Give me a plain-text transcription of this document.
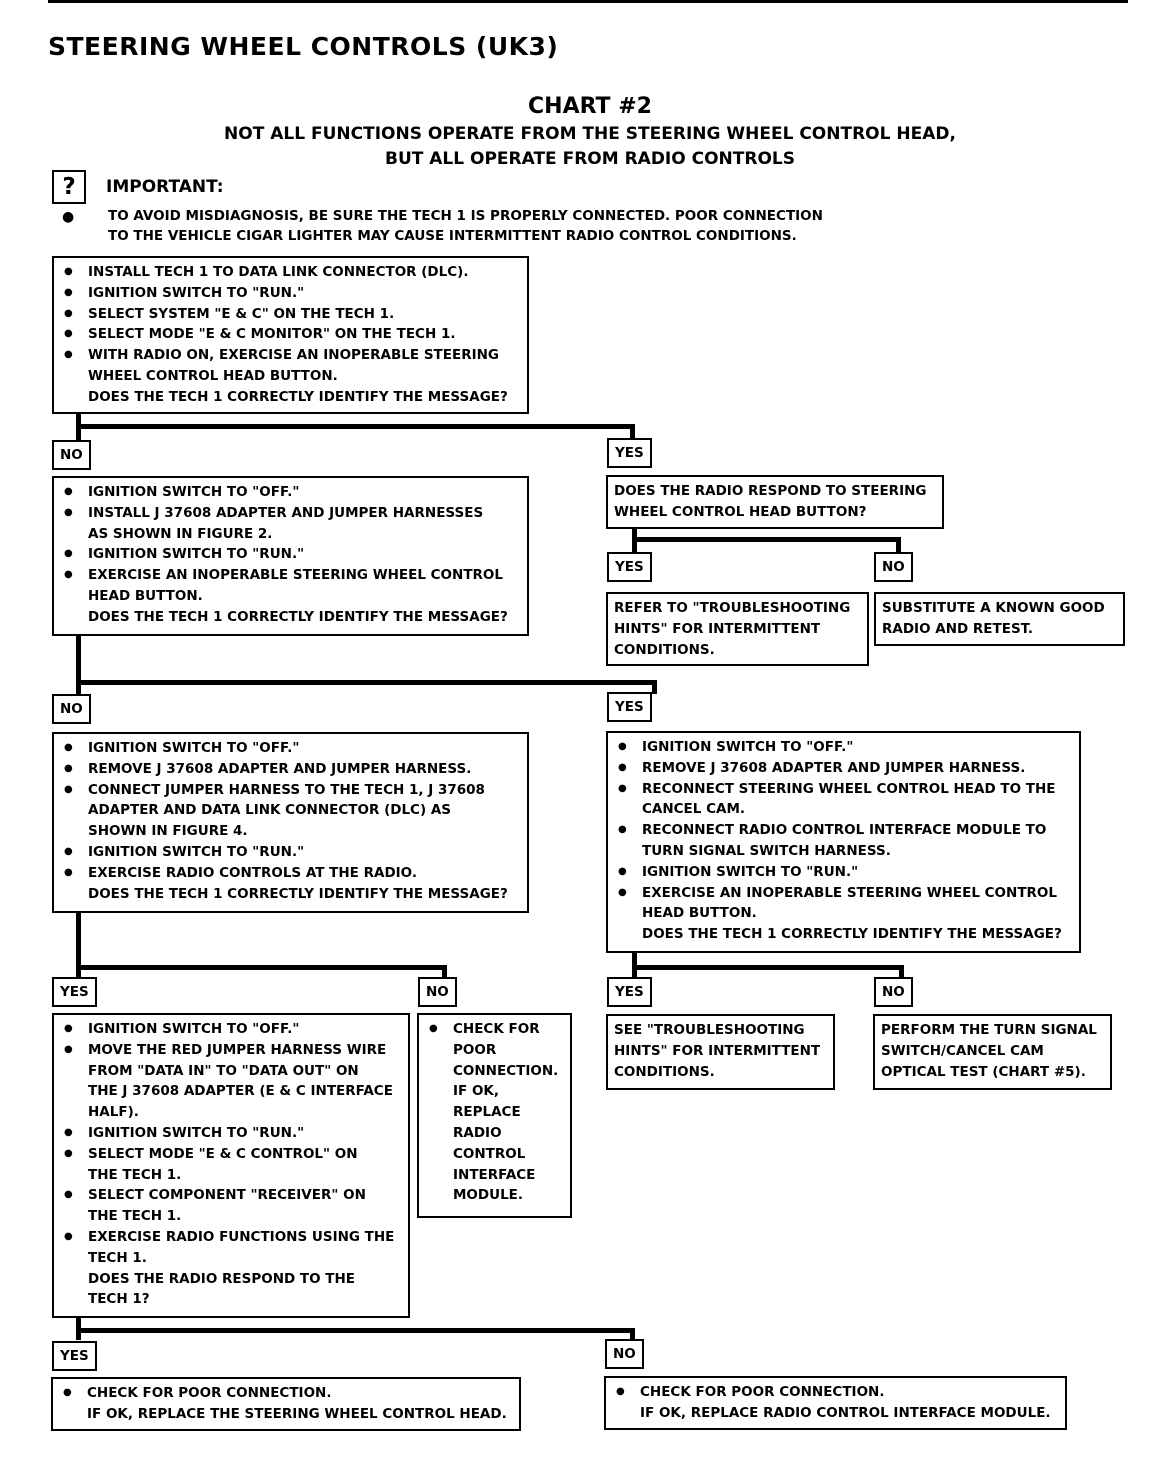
STEERING WHEEL CONTROLS (UK3)
CHART #2
NOT ALL FUNCTIONS OPERATE FROM THE STEERING WHEEL CONTROL HEAD,
BUT ALL OPERATE FROM RADIO CONTROLS
?	IMPORTANT:
●	TO AVOID MISDIAGNOSIS, BE SURE THE TECH 1 IS PROPERLY CONNECTED. POOR CONNECTION
TO THE VEHICLE CIGAR LIGHTER MAY CAUSE INTERMITTENT RADIO CONTROL CONDITIONS.
● INSTALL TECH 1 TO DATA LINK CONNECTOR (DLC).
● IGNITION SWITCH TO "RUN."
● SELECT SYSTEM "E & C" ON THE TECH 1.
● SELECT MODE "E & C MONITOR" ON THE TECH 1.
● WITH RADIO ON, EXERCISE AN INOPERABLE STEERING
WHEEL CONTROL HEAD BUTTON.
DOES THE TECH 1 CORRECTLY IDENTIFY THE MESSAGE?
NO	YES
● IGNITION SWITCH TO "OFF."
● INSTALL J 37608 ADAPTER AND JUMPER HARNESSES
AS SHOWN IN FIGURE 2.
● IGNITION SWITCH TO "RUN."
● EXERCISE AN INOPERABLE STEERING WHEEL CONTROL
HEAD BUTTON.
DOES THE TECH 1 CORRECTLY IDENTIFY THE MESSAGE?
DOES THE RADIO RESPOND TO STEERING
WHEEL CONTROL HEAD BUTTON?
YES	NO
REFER TO "TROUBLESHOOTING
HINTS" FOR INTERMITTENT
CONDITIONS.
SUBSTITUTE A KNOWN GOOD
RADIO AND RETEST.
NO	YES
● IGNITION SWITCH TO "OFF."
● REMOVE J 37608 ADAPTER AND JUMPER HARNESS.
● CONNECT JUMPER HARNESS TO THE TECH 1, J 37608
ADAPTER AND DATA LINK CONNECTOR (DLC) AS
SHOWN IN FIGURE 4.
● IGNITION SWITCH TO "RUN."
● EXERCISE RADIO CONTROLS AT THE RADIO.
DOES THE TECH 1 CORRECTLY IDENTIFY THE MESSAGE?
● IGNITION SWITCH TO "OFF."
● REMOVE J 37608 ADAPTER AND JUMPER HARNESS.
● RECONNECT STEERING WHEEL CONTROL HEAD TO THE
CANCEL CAM.
● RECONNECT RADIO CONTROL INTERFACE MODULE TO
TURN SIGNAL SWITCH HARNESS.
● IGNITION SWITCH TO "RUN."
● EXERCISE AN INOPERABLE STEERING WHEEL CONTROL
HEAD BUTTON.
DOES THE TECH 1 CORRECTLY IDENTIFY THE MESSAGE?
YES	NO	YES	NO
● IGNITION SWITCH TO "OFF."
● MOVE THE RED JUMPER HARNESS WIRE
FROM "DATA IN" TO "DATA OUT" ON
THE J 37608 ADAPTER (E & C INTERFACE
HALF).
● IGNITION SWITCH TO "RUN."
● SELECT MODE "E & C CONTROL" ON
THE TECH 1.
● SELECT COMPONENT "RECEIVER" ON
THE TECH 1.
● EXERCISE RADIO FUNCTIONS USING THE
TECH 1.
DOES THE RADIO RESPOND TO THE
TECH 1?
● CHECK FOR
POOR
CONNECTION.
IF OK,
REPLACE
RADIO
CONTROL
INTERFACE
MODULE.
SEE "TROUBLESHOOTING
HINTS" FOR INTERMITTENT
CONDITIONS.
PERFORM THE TURN SIGNAL
SWITCH/CANCEL CAM
OPTICAL TEST (CHART #5).
YES	NO
● CHECK FOR POOR CONNECTION.
IF OK, REPLACE THE STEERING WHEEL CONTROL HEAD.
● CHECK FOR POOR CONNECTION.
IF OK, REPLACE RADIO CONTROL INTERFACE MODULE.
